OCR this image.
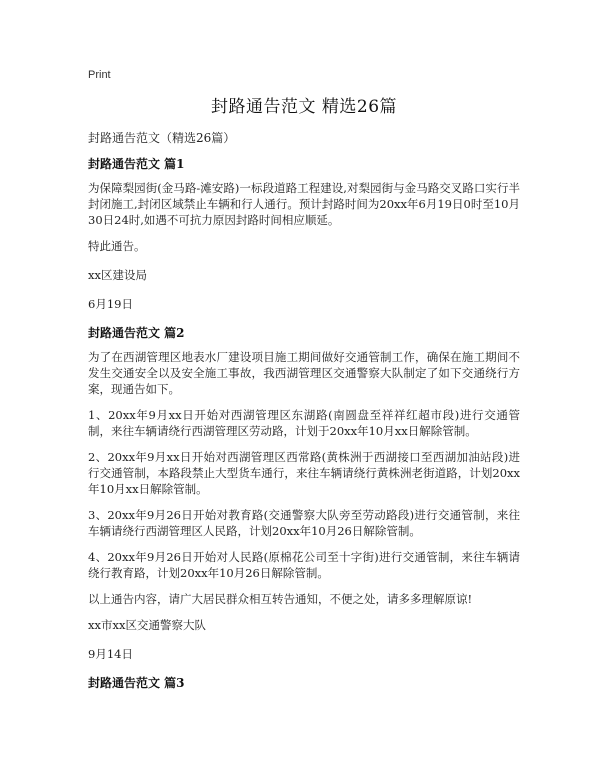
Print
封路通告范文 精选26篇

封路通告范文（精选26篇）

封路通告范文 篇1

为保障梨园街(金马路-滩安路)一标段道路工程建设,对梨园街与金马路交叉路口实行半封闭施工,封闭区域禁止车辆和行人通行。预计封路时间为20xx年6月19日0时至10月30日24时,如遇不可抗力原因封路时间相应顺延。

特此通告。

xx区建设局

6月19日

封路通告范文 篇2

为了在西湖管理区地表水厂建设项目施工期间做好交通管制工作，确保在施工期间不发生交通安全以及安全施工事故，我西湖管理区交通警察大队制定了如下交通绕行方案，现通告如下。

1、20xx年9月xx日开始对西湖管理区东湖路(南圆盘至祥祥红超市段)进行交通管制，来往车辆请绕行西湖管理区劳动路，计划于20xx年10月xx日解除管制。

2、20xx年9月xx日开始对西湖管理区西常路(黄株洲于西湖接口至西湖加油站段)进行交通管制，本路段禁止大型货车通行，来往车辆请绕行黄株洲老街道路，计划20xx年10月xx日解除管制。

3、20xx年9月26日开始对教育路(交通警察大队旁至劳动路段)进行交通管制，来往车辆请绕行西湖管理区人民路，计划20xx年10月26日解除管制。

4、20xx年9月26日开始对人民路(原棉花公司至十字街)进行交通管制，来往车辆请绕行教育路，计划20xx年10月26日解除管制。

以上通告内容，请广大居民群众相互转告通知，不便之处，请多多理解原谅!

xx市xx区交通警察大队

9月14日

封路通告范文 篇3
